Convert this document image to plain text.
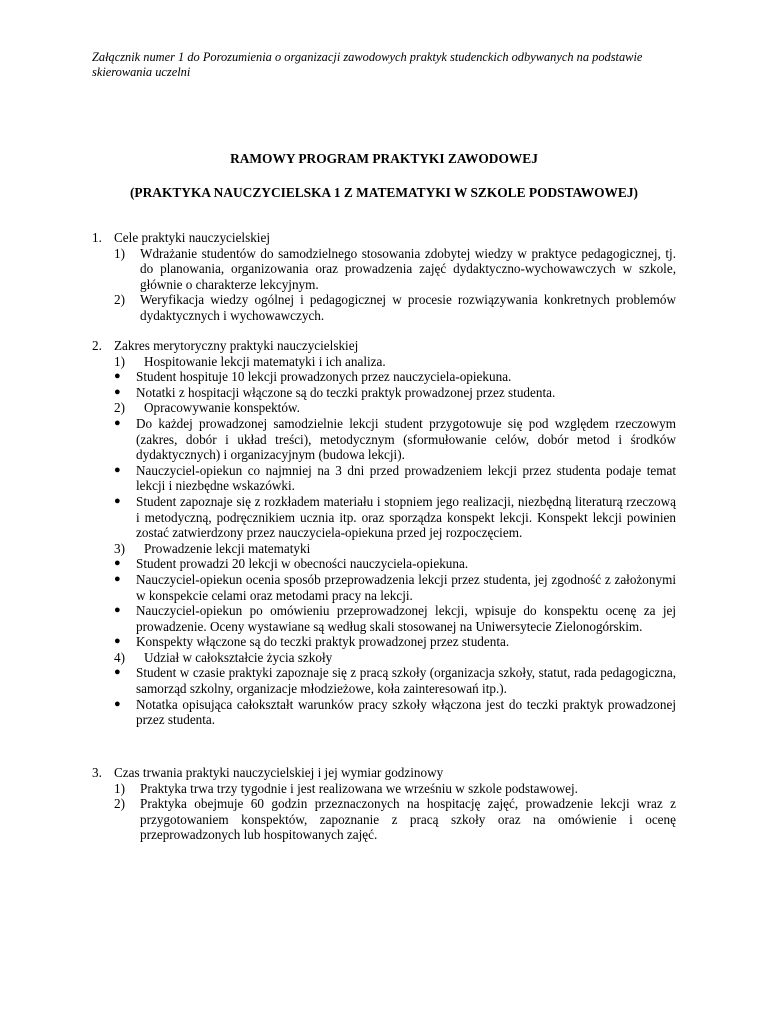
Załącznik numer 1 do Porozumienia o organizacji zawodowych praktyk studenckich odbywanych na podstawie
skierowania uczelni
RAMOWY PROGRAM PRAKTYKI ZAWODOWEJ
(PRAKTYKA NAUCZYCIELSKA 1 Z MATEMATYKI W SZKOLE PODSTAWOWEJ)
1. Cele praktyki nauczycielskiej
1)	Wdrażanie studentów do samodzielnego stosowania zdobytej wiedzy w praktyce pedagogicznej, tj. do planowania, organizowania oraz prowadzenia zajęć dydaktyczno-wychowawczych w szkole, głównie o charakterze lekcyjnym.
2)	Weryfikacja wiedzy ogólnej i pedagogicznej w procesie rozwiązywania konkretnych problemów dydaktycznych i wychowawczych.
2. Zakres merytoryczny praktyki nauczycielskiej
1)	Hospitowanie lekcji matematyki i ich analiza.
●	Student hospituje 10 lekcji prowadzonych przez nauczyciela-opiekuna.
●	Notatki z hospitacji włączone są do teczki praktyk prowadzonej przez studenta.
2)	Opracowywanie konspektów.
●	Do każdej prowadzonej samodzielnie lekcji student przygotowuje się pod względem rzeczowym (zakres, dobór i układ treści), metodycznym (sformułowanie celów, dobór metod i środków dydaktycznych) i organizacyjnym (budowa lekcji).
●	Nauczyciel-opiekun co najmniej na 3 dni przed prowadzeniem lekcji przez studenta podaje temat lekcji i niezbędne wskazówki.
●	Student zapoznaje się z rozkładem materiału i stopniem jego realizacji, niezbędną literaturą rzeczową i metodyczną, podręcznikiem ucznia itp. oraz sporządza konspekt lekcji. Konspekt lekcji powinien zostać zatwierdzony przez nauczyciela-opiekuna przed jej rozpoczęciem.
3)	Prowadzenie lekcji matematyki
●	Student prowadzi 20 lekcji w obecności nauczyciela-opiekuna.
●	Nauczyciel-opiekun ocenia sposób przeprowadzenia lekcji przez studenta, jej zgodność z założonymi w konspekcie celami oraz metodami pracy na lekcji.
●	Nauczyciel-opiekun po omówieniu przeprowadzonej lekcji, wpisuje do konspektu ocenę za jej prowadzenie. Oceny wystawiane są według skali stosowanej na Uniwersytecie Zielonogórskim.
●	Konspekty włączone są do teczki praktyk prowadzonej przez studenta.
4)	Udział w całokształcie życia szkoły
●	Student w czasie praktyki zapoznaje się z pracą szkoły (organizacja szkoły, statut, rada pedagogiczna, samorząd szkolny, organizacje młodzieżowe, koła zainteresowań itp.).
●	Notatka opisująca całokształt warunków pracy szkoły włączona jest do teczki praktyk prowadzonej przez studenta.
3. Czas trwania praktyki nauczycielskiej i jej wymiar godzinowy
1)	Praktyka trwa trzy tygodnie i jest realizowana we wrześniu w szkole podstawowej.
2)	Praktyka obejmuje 60 godzin przeznaczonych na hospitację zajęć, prowadzenie lekcji wraz z przygotowaniem konspektów, zapoznanie z pracą szkoły oraz na omówienie i ocenę przeprowadzonych lub hospitowanych zajęć.
